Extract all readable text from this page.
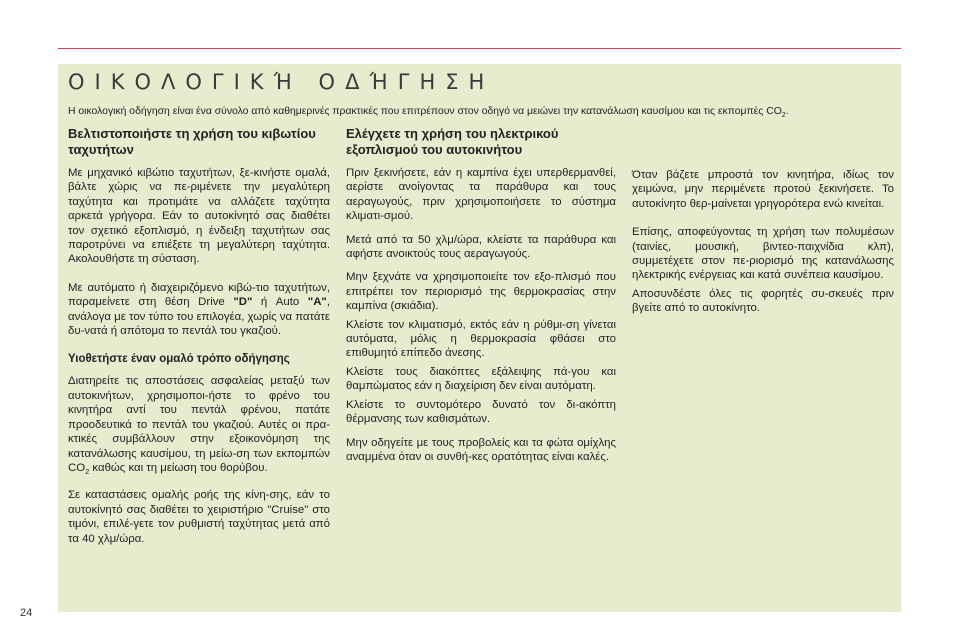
ΟΙΚΟΛΟΓΙΚΉ ΟΔΉΓΗΣΗ
Η οικολογική οδήγηση είναι ένα σύνολο από καθημερινές πρακτικές που επιτρέπουν στον οδηγό να μειώνει την κατανάλωση καυσίμου και τις εκπομπές $CO_2$.
Βελτιστοποιήστε τη χρήση του κιβωτίου ταχυτήτων

Με μηχανικό κιβώτιο ταχυτήτων, ξε-κινήστε ομαλά, βάλτε χώρις να πε-ριμένετε την μεγαλύτερη ταχύτητα και προτιμάτε να αλλάζετε ταχύτητα αρκετά γρήγορα. Εάν το αυτοκίνητό σας διαθέτει τον σχετικό εξοπλισμό, η ένδειξη ταχυτήτων σας παροτρύνει να επιέξετε τη μεγαλύτερη ταχύτητα. Ακολουθήστε τη σύσταση.

Με αυτόματο ή διαχειριζόμενο κιβώ-τιο ταχυτήτων, παραμείνετε στη θέση Drive "D" ή Auto "A", ανάλογα με τον τύπο του επιλογέα, χωρίς να πατάτε δυ-νατά ή απότομα το πεντάλ του γκαζιού.

Υιοθετήστε έναν ομαλό τρόπο οδήγησης

Διατηρείτε τις αποστάσεις ασφαλείας μεταξύ των αυτοκινήτων, χρησιμοποι-ήστε το φρένο του κινητήρα αντί του πεντάλ φρένου, πατάτε προοδευτικά το πεντάλ του γκαζιού. Αυτές οι πρα-κτικές συμβάλλουν στην εξοικονόμηση της κατανάλωσης καυσίμου, τη μείω-ση των εκπομπών $CO_2$ καθώς και τη μείωση του θορύβου.

Σε καταστάσεις ομαλής ροής της κίνη-σης, εάν το αυτοκίνητό σας διαθέτει το χειριστήριο "Cruise" στο τιμόνι, επιλέ-γετε τον ρυθμιστή ταχύτητας μετά από τα 40 χλμ/ώρα.

Ελέγχετε τη χρήση του ηλεκτρικού εξοπλισμού του αυτοκινήτου

Πριν ξεκινήσετε, εάν η καμπίνα έχει υπερθερμανθεί, αερίστε ανοίγοντας τα παράθυρα και τους αεραγωγούς, πριν χρησιμοποιήσετε το σύστημα κλιματι-σμού.

Μετά από τα 50 χλμ/ώρα, κλείστε τα παράθυρα και αφήστε ανοικτούς τους αεραγωγούς.

Μην ξεχνάτε να χρησιμοποιείτε τον εξο-πλισμό που επιτρέπει τον περιορισμό της θερμοκρασίας στην καμπίνα (σκιάδια).

Κλείστε τον κλιματισμό, εκτός εάν η ρύθμι-ση γίνεται αυτόματα, μόλις η θερμοκρασία φθάσει στο επιθυμητό επίπεδο άνεσης.

Κλείστε τους διακόπτες εξάλειψης πά-γου και θαμπώματος εάν η διαχείριση δεν είναι αυτόματη.

Κλείστε το συντομότερο δυνατό τον δι-ακόπτη θέρμανσης των καθισμάτων.

Μην οδηγείτε με τους προβολείς και τα φώτα ομίχλης αναμμένα όταν οι συνθή-κες ορατότητας είναι καλές.

Όταν βάζετε μπροστά τον κινητήρα, ιδίως τον χειμώνα, μην περιμένετε προτού ξεκινήσετε. Το αυτοκίνητο θερ-μαίνεται γρηγορότερα ενώ κινείται.

Επίσης, αποφεύγοντας τη χρήση των πολυμέσων (ταινίες, μουσική, βιντεο-παιχνίδια κλπ), συμμετέχετε στον πε-ριορισμό της κατανάλωσης ηλεκτρικής ενέργειας και κατά συνέπεια καυσίμου.

Αποσυνδέστε όλες τις φορητές συ-σκευές πριν βγείτε από το αυτοκίνητο.

24
